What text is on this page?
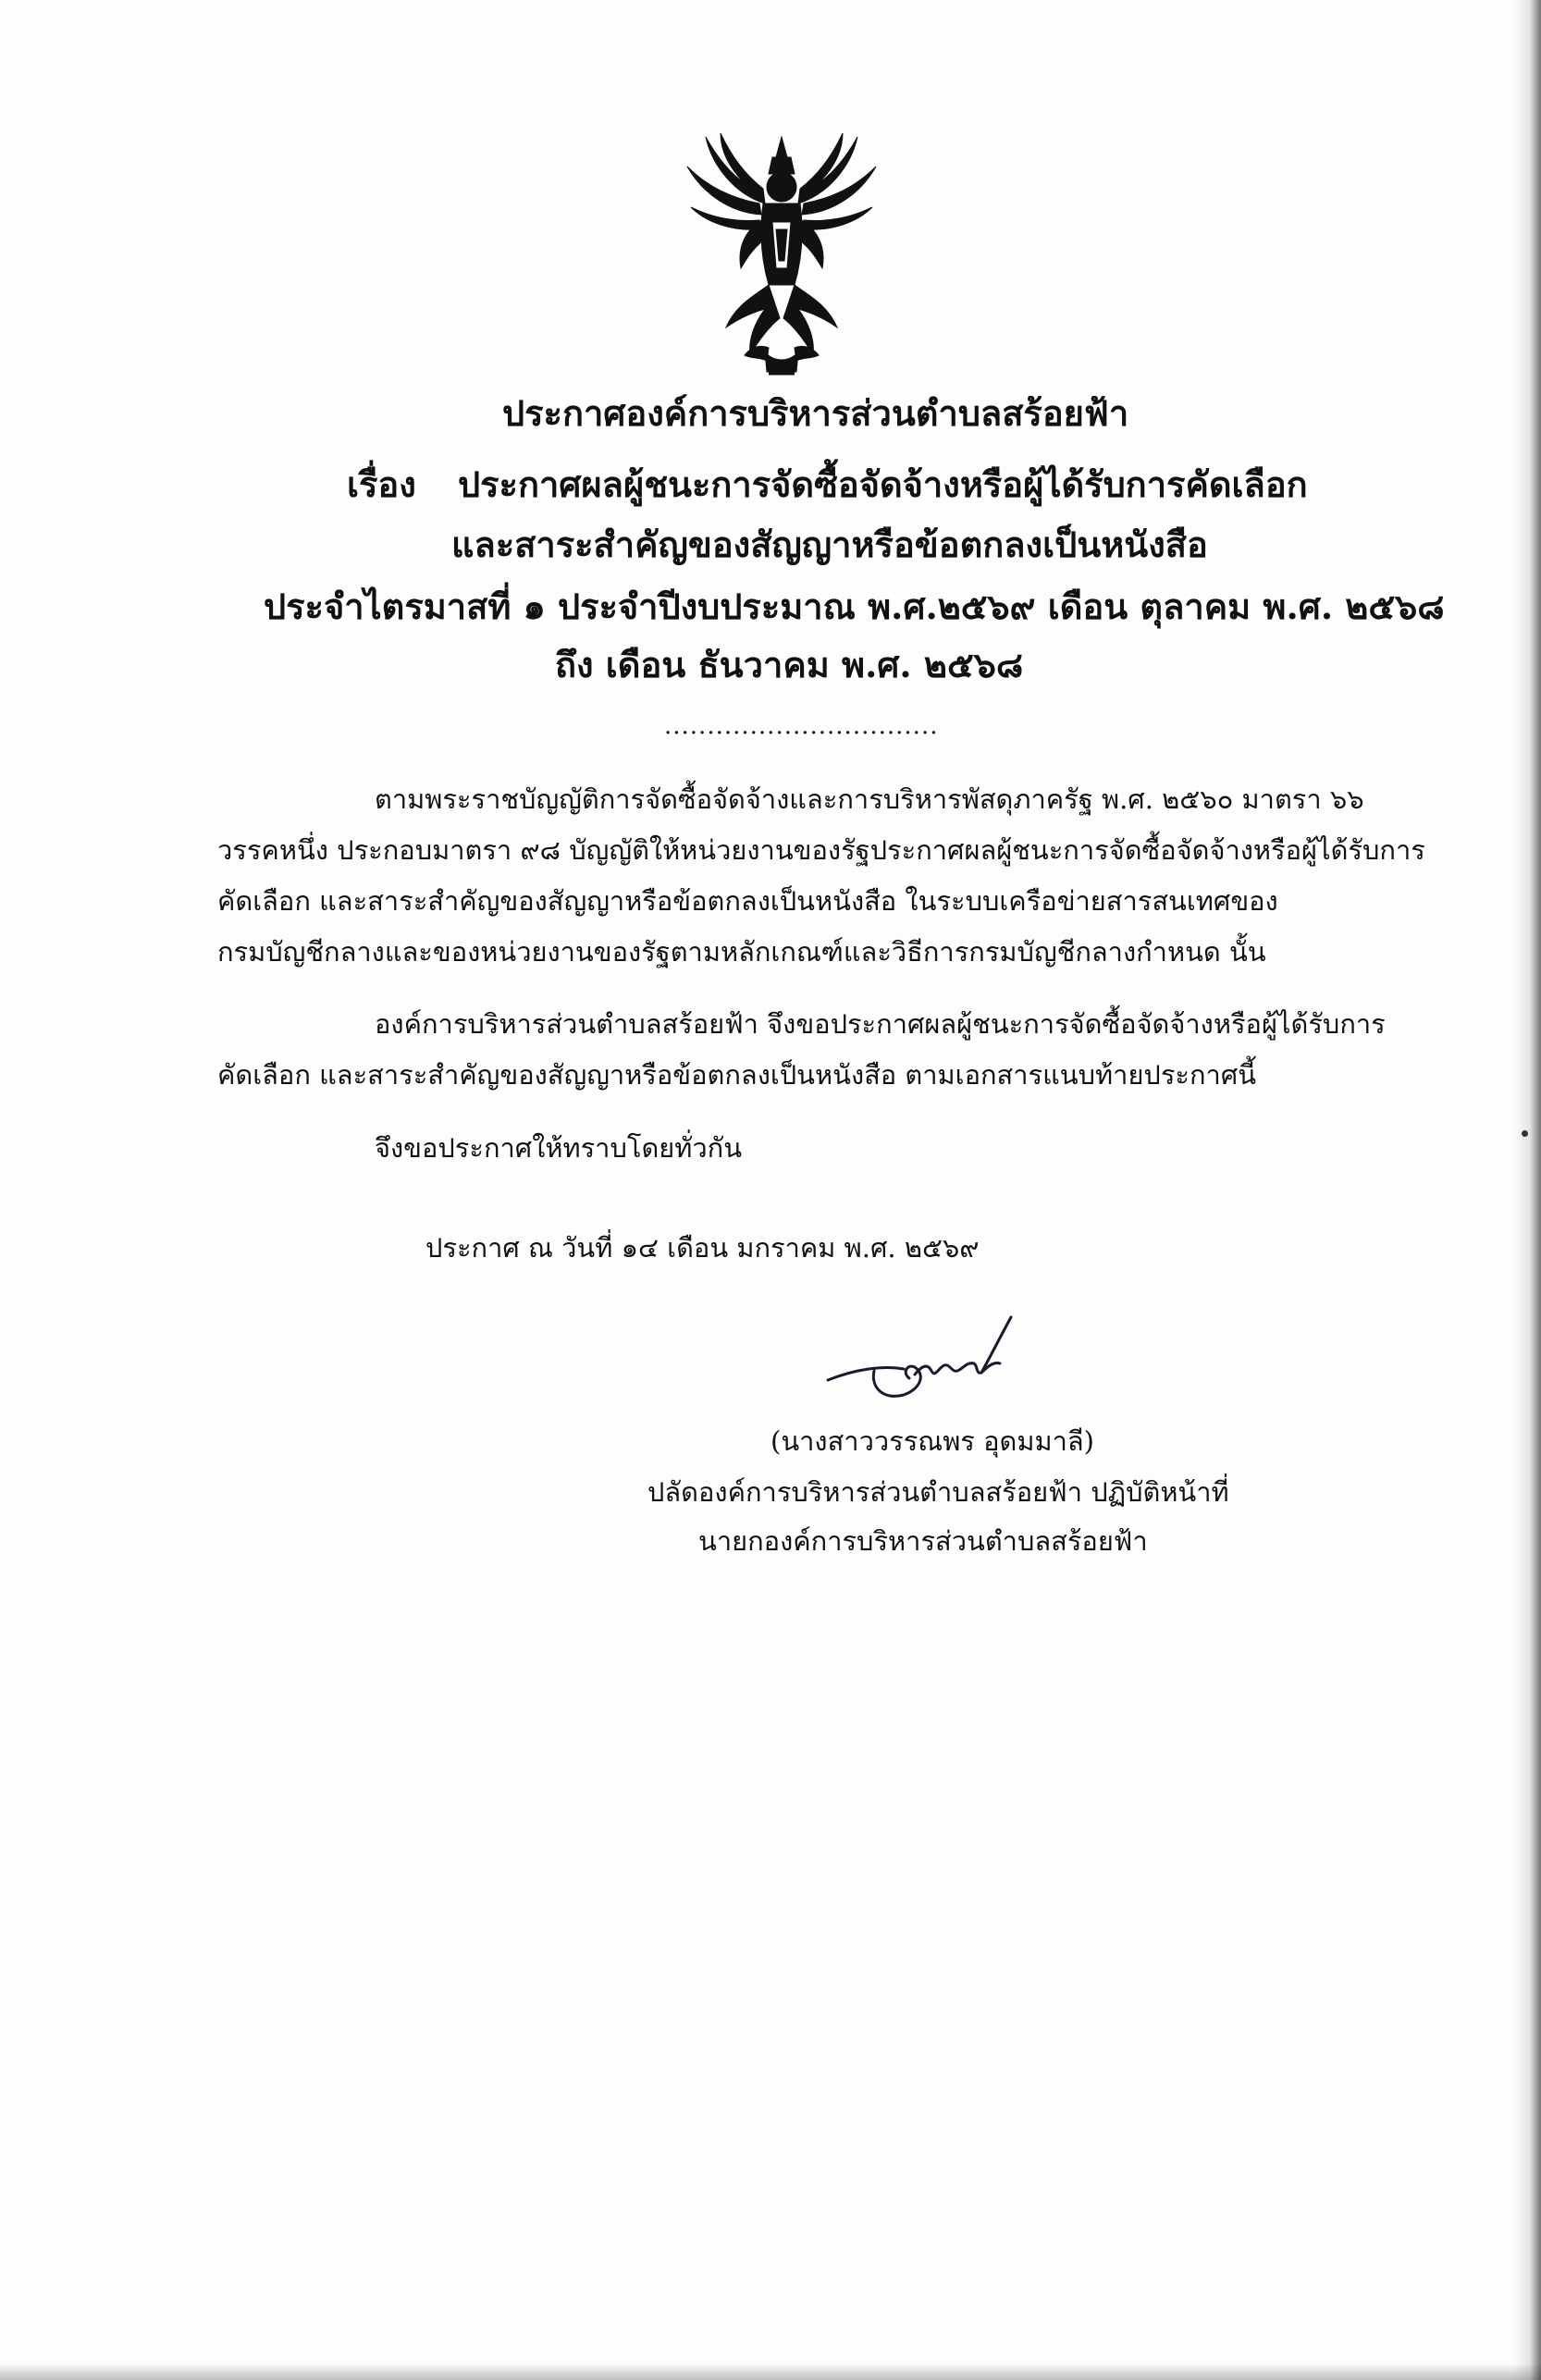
ประกาศองค์การบริหารส่วนตำบลสร้อยฟ้า
เรื่อง ประกาศผลผู้ชนะการจัดซื้อจัดจ้างหรือผู้ได้รับการคัดเลือก
และสาระสำคัญของสัญญาหรือข้อตกลงเป็นหนังสือ
ประจำไตรมาสที่ ๑ ประจำปีงบประมาณ พ.ศ.๒๕๖๙ เดือน ตุลาคม พ.ศ. ๒๕๖๘
ถึง เดือน ธันวาคม พ.ศ. ๒๕๖๘
................................
ตามพระราชบัญญัติการจัดซื้อจัดจ้างและการบริหารพัสดุภาครัฐ พ.ศ. ๒๕๖๐ มาตรา ๖๖
วรรคหนึ่ง ประกอบมาตรา ๙๘ บัญญัติให้หน่วยงานของรัฐประกาศผลผู้ชนะการจัดซื้อจัดจ้างหรือผู้ได้รับการ
คัดเลือก และสาระสำคัญของสัญญาหรือข้อตกลงเป็นหนังสือ ในระบบเครือข่ายสารสนเทศของ
กรมบัญชีกลางและของหน่วยงานของรัฐตามหลักเกณฑ์และวิธีการกรมบัญชีกลางกำหนด นั้น
องค์การบริหารส่วนตำบลสร้อยฟ้า จึงขอประกาศผลผู้ชนะการจัดซื้อจัดจ้างหรือผู้ได้รับการ
คัดเลือก และสาระสำคัญของสัญญาหรือข้อตกลงเป็นหนังสือ ตามเอกสารแนบท้ายประกาศนี้
จึงขอประกาศให้ทราบโดยทั่วกัน
ประกาศ ณ วันที่ ๑๔ เดือน มกราคม พ.ศ. ๒๕๖๙
(นางสาววรรณพร อุดมมาลี)
ปลัดองค์การบริหารส่วนตำบลสร้อยฟ้า ปฏิบัติหน้าที่
นายกองค์การบริหารส่วนตำบลสร้อยฟ้า
